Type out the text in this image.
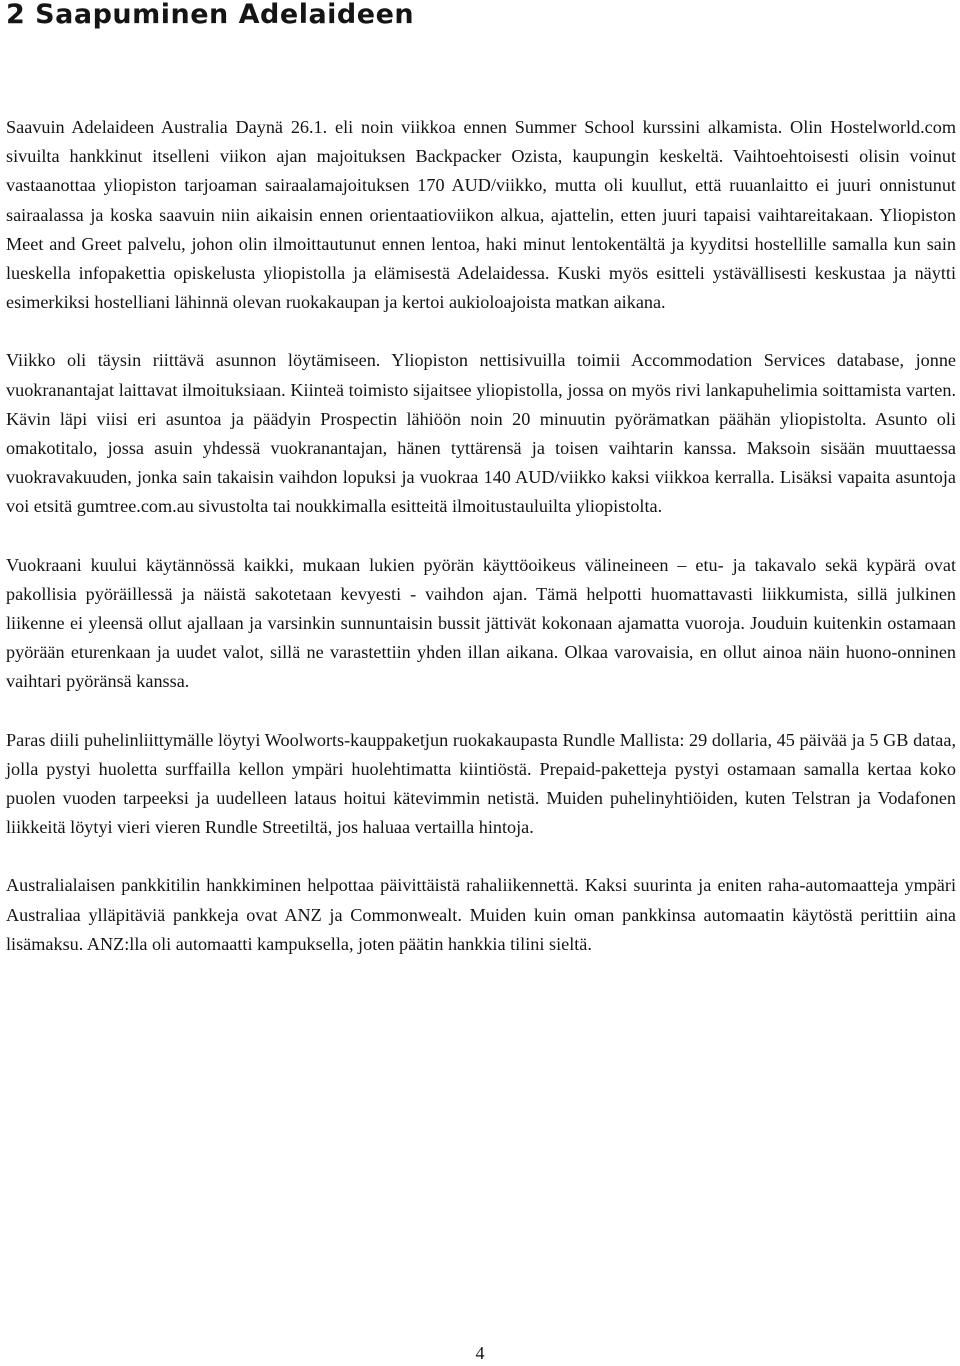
2 Saapuminen Adelaideen

Saavuin Adelaideen Australia Daynä 26.1. eli noin viikkoa ennen Summer School kurssini alkamista. Olin Hostelworld.com sivuilta hankkinut itselleni viikon ajan majoituksen Backpacker Ozista, kaupungin keskeltä. Vaihtoehtoisesti olisin voinut vastaanottaa yliopiston tarjoaman sairaalamajoituksen 170 AUD/viikko, mutta oli kuullut, että ruuanlaitto ei juuri onnistunut sairaalassa ja koska saavuin niin aikaisin ennen orientaatioviikon alkua, ajattelin, etten juuri tapaisi vaihtareitakaan. Yliopiston Meet and Greet palvelu, johon olin ilmoittautunut ennen lentoa, haki minut lentokentältä ja kyyditsi hostellille samalla kun sain lueskella infopakettia opiskelusta yliopistolla ja elämisestä Adelaidessa. Kuski myös esitteli ystävällisesti keskustaa ja näytti esimerkiksi hostelliani lähinnä olevan ruokakaupan ja kertoi aukioloajoista matkan aikana.

Viikko oli täysin riittävä asunnon löytämiseen. Yliopiston nettisivuilla toimii Accommodation Services database, jonne vuokranantajat laittavat ilmoituksiaan. Kiinteä toimisto sijaitsee yliopistolla, jossa on myös rivi lankapuhelimia soittamista varten. Kävin läpi viisi eri asuntoa ja päädyin Prospectin lähiöön noin 20 minuutin pyörämatkan päähän yliopistolta. Asunto oli omakotitalo, jossa asuin yhdessä vuokranantajan, hänen tyttärensä ja toisen vaihtarin kanssa. Maksoin sisään muuttaessa vuokravakuuden, jonka sain takaisin vaihdon lopuksi ja vuokraa 140 AUD/viikko kaksi viikkoa kerralla. Lisäksi vapaita asuntoja voi etsitä gumtree.com.au sivustolta tai noukkimalla esitteitä ilmoitustauluilta yliopistolta.

Vuokraani kuului käytännössä kaikki, mukaan lukien pyörän käyttöoikeus välineineen – etu- ja takavalo sekä kypärä ovat pakollisia pyöräillessä ja näistä sakotetaan kevyesti - vaihdon ajan. Tämä helpotti huomattavasti liikkumista, sillä julkinen liikenne ei yleensä ollut ajallaan ja varsinkin sunnuntaisin bussit jättivät kokonaan ajamatta vuoroja. Jouduin kuitenkin ostamaan pyörään eturenkaan ja uudet valot, sillä ne varastettiin yhden illan aikana. Olkaa varovaisia, en ollut ainoa näin huono-onninen vaihtari pyöränsä kanssa.

Paras diili puhelinliittymälle löytyi Woolworts-kauppaketjun ruokakaupasta Rundle Mallista: 29 dollaria, 45 päivää ja 5 GB dataa, jolla pystyi huoletta surffailla kellon ympäri huolehtimatta kiintiöstä. Prepaid-paketteja pystyi ostamaan samalla kertaa koko puolen vuoden tarpeeksi ja uudelleen lataus hoitui kätevimmin netistä. Muiden puhelinyhtiöiden, kuten Telstran ja Vodafonen liikkeitä löytyi vieri vieren Rundle Streetiltä, jos haluaa vertailla hintoja.

Australialaisen pankkitilin hankkiminen helpottaa päivittäistä rahaliikennettä. Kaksi suurinta ja eniten raha-automaatteja ympäri Australiaa ylläpitäviä pankkeja ovat ANZ ja Commonwealt. Muiden kuin oman pankkinsa automaatin käytöstä perittiin aina lisämaksu. ANZ:lla oli automaatti kampuksella, joten päätin hankkia tilini sieltä.

4
